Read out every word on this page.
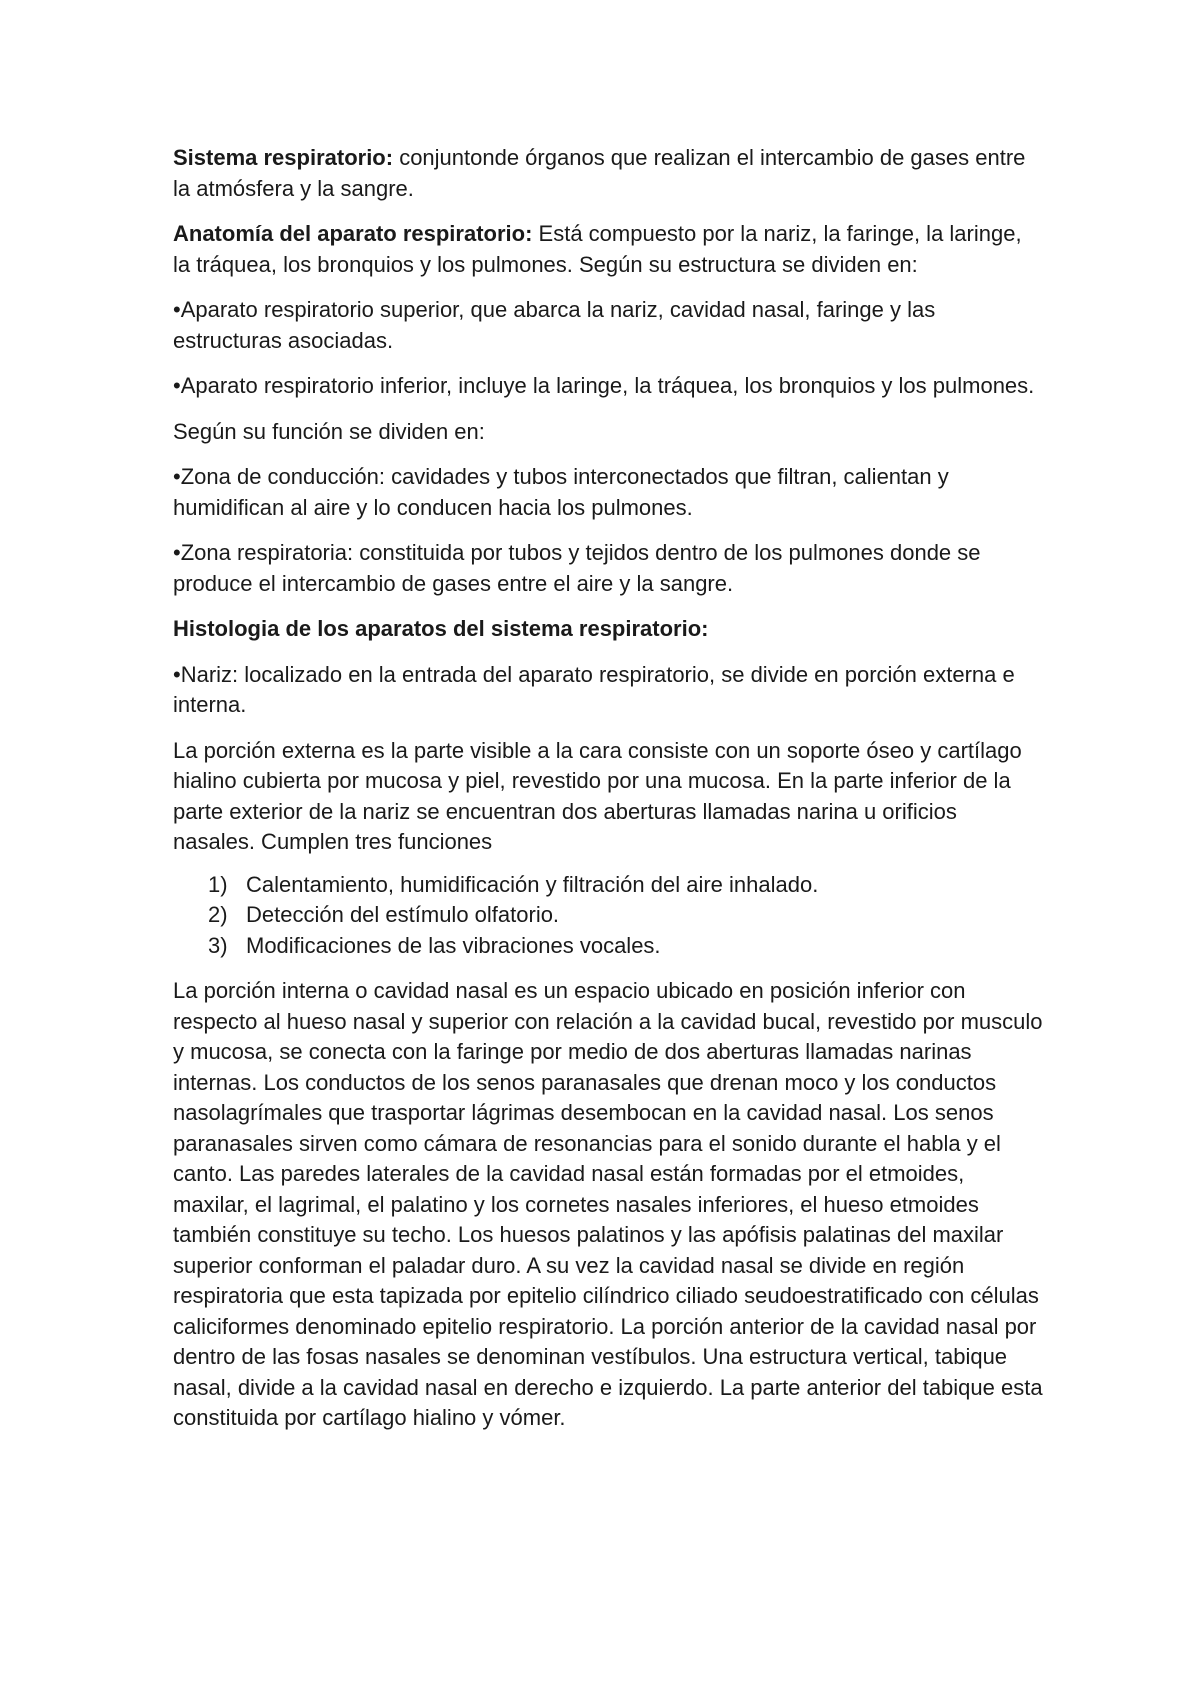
Sistema respiratorio: conjuntonde órganos que realizan el intercambio de gases entre la atmósfera y la sangre.

Anatomía del aparato respiratorio: Está compuesto por la nariz, la faringe, la laringe, la tráquea, los bronquios y los pulmones. Según su estructura se dividen en:

•Aparato respiratorio superior, que abarca la nariz, cavidad nasal, faringe y las estructuras asociadas.

•Aparato respiratorio inferior, incluye la laringe, la tráquea, los bronquios y los pulmones.

Según su función se dividen en:

•Zona de conducción: cavidades y tubos interconectados que filtran, calientan y humidifican al aire y lo conducen hacia los pulmones.

•Zona respiratoria: constituida por tubos y tejidos dentro de los pulmones donde se produce el intercambio de gases entre el aire y la sangre.

Histologia de los aparatos del sistema respiratorio:

•Nariz: localizado en la entrada del aparato respiratorio, se divide en porción externa e interna.

La porción externa es la parte visible a la cara consiste con un soporte óseo y cartílago hialino cubierta por mucosa y piel, revestido por una mucosa. En la parte inferior de la parte exterior de la nariz se encuentran dos aberturas llamadas narina u orificios nasales. Cumplen tres funciones

1) Calentamiento, humidificación y filtración del aire inhalado.
2) Detección del estímulo olfatorio.
3) Modificaciones de las vibraciones vocales.

La porción interna o cavidad nasal es un espacio ubicado en posición inferior con respecto al hueso nasal y superior con relación a la cavidad bucal, revestido por musculo y mucosa, se conecta con la faringe por medio de dos aberturas llamadas narinas internas. Los conductos de los senos paranasales que drenan moco y los conductos nasolagrímales que trasportar lágrimas desembocan en la cavidad nasal. Los senos paranasales sirven como cámara de resonancias para el sonido durante el habla y el canto. Las paredes laterales de la cavidad nasal están formadas por el etmoides, maxilar, el lagrimal, el palatino y los cornetes nasales inferiores, el hueso etmoides también constituye su techo. Los huesos palatinos y las apófisis palatinas del maxilar superior conforman el paladar duro. A su vez la cavidad nasal se divide en región respiratoria que esta tapizada por epitelio cilíndrico ciliado seudoestratificado con células caliciformes denominado epitelio respiratorio. La porción anterior de la cavidad nasal por dentro de las fosas nasales se denominan vestíbulos. Una estructura vertical, tabique nasal, divide a la cavidad nasal en derecho e izquierdo. La parte anterior del tabique esta constituida por cartílago hialino y vómer.
